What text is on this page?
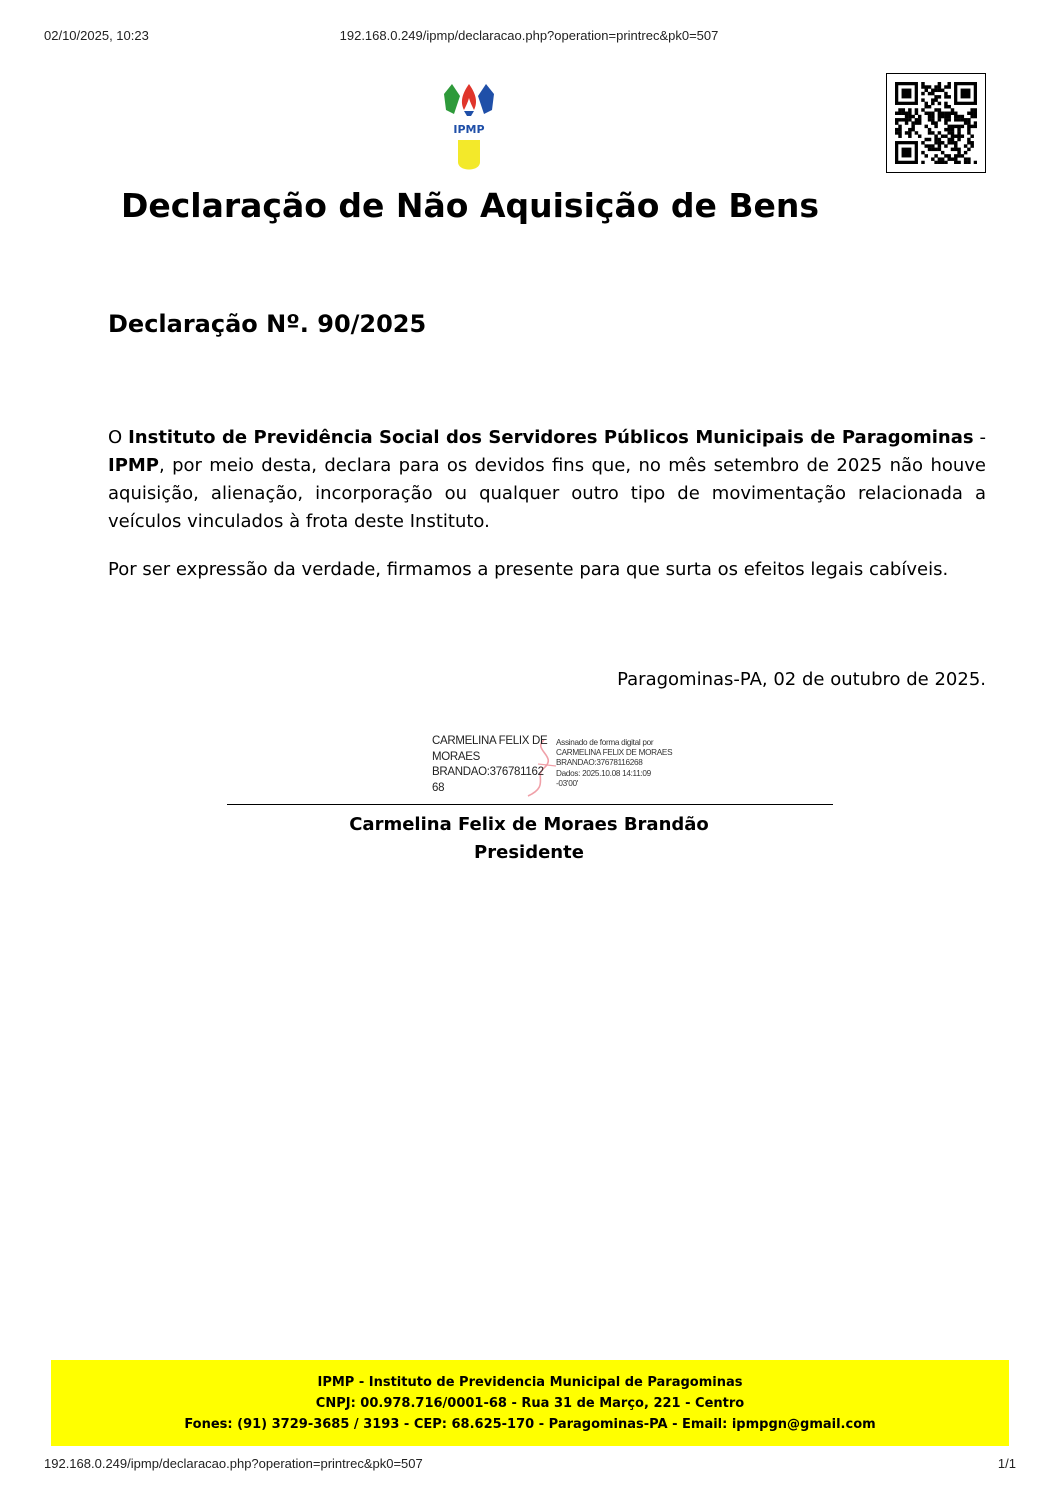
02/10/2025, 10:23	192.168.0.249/ipmp/declaracao.php?operation=printrec&pk0=507
IPMP
Declaração de Não Aquisição de Bens
Declaração Nº. 90/2025

O Instituto de Previdência Social dos Servidores Públicos Municipais de Paragominas - IPMP, por meio desta, declara para os devidos fins que, no mês setembro de 2025 não houve aquisição, alienação, incorporação ou qualquer outro tipo de movimentação relacionada a veículos vinculados à frota deste Instituto.

Por ser expressão da verdade, firmamos a presente para que surta os efeitos legais cabíveis.
Paragominas-PA, 02 de outubro de 2025.
CARMELINA FELIX DE
MORAES
BRANDAO:376781162
68
Assinado de forma digital por
CARMELINA FELIX DE MORAES
BRANDAO:37678116268
Dados: 2025.10.08 14:11:09
-03'00'
Carmelina Felix de Moraes Brandão
Presidente
IPMP - Instituto de Previdencia Municipal de Paragominas
CNPJ: 00.978.716/0001-68 - Rua 31 de Março, 221 - Centro
Fones: (91) 3729-3685 / 3193 - CEP: 68.625-170 - Paragominas-PA - Email: ipmpgn@gmail.com
192.168.0.249/ipmp/declaracao.php?operation=printrec&pk0=507	1/1
